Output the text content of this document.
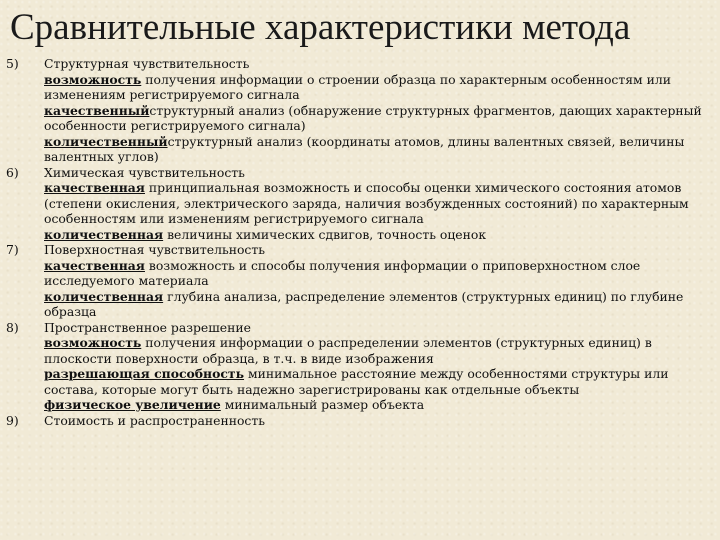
Сравнительные характеристики метода
5)	Структурная чувствительность
возможность получения информации о строении образца по характерным особенностям или изменениям регистрируемого сигнала
качественныйструктурный анализ (обнаружение структурных фрагментов, дающих характерный особенности регистрируемого сигнала)
количественныйструктурный анализ (координаты атомов, длины валентных связей, величины валентных углов)
6)	Химическая чувствительность
качественная принципиальная возможность и способы оценки химического состояния атомов (степени окисления, электрического заряда, наличия возбужденных состояний) по характерным особенностям или изменениям регистрируемого сигнала
количественная величины химических сдвигов, точность оценок
7)	Поверхностная чувствительность
качественная возможность и способы получения информации о приповерхностном слое исследуемого материала
количественная глубина анализа, распределение элементов (структурных единиц) по глубине образца
8)	Пространственное разрешение
возможность получения информации о распределении элементов (структурных единиц) в плоскости поверхности образца, в т.ч. в виде изображения
разрешающая способность минимальное расстояние между особенностями структуры или состава, которые могут быть надежно зарегистрированы как отдельные объекты
физическое увеличение минимальный размер объекта
9)	Стоимость и распространенность
